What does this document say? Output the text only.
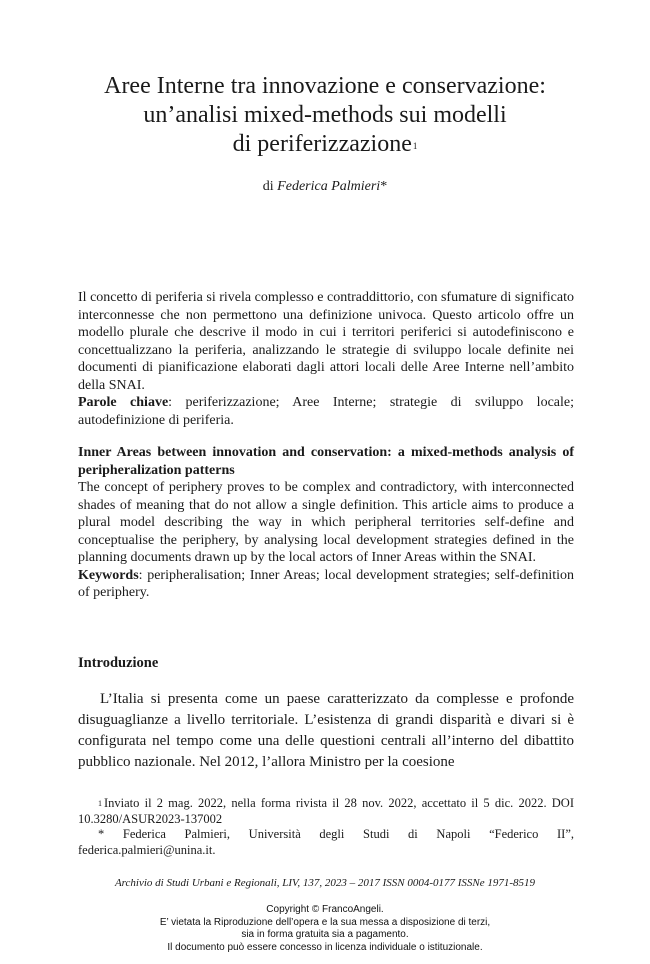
Aree Interne tra innovazione e conservazione:
un’analisi mixed-methods sui modelli
di periferizzazione$^1$
di Federica Palmieri*

Il concetto di periferia si rivela complesso e contraddittorio, con sfumature di significato interconnesse che non permettono una definizione univoca. Questo articolo offre un modello plurale che descrive il modo in cui i territori periferici si autodefiniscono e concettualizzano la periferia, analizzando le strategie di sviluppo locale definite nei documenti di pianificazione elaborati dagli attori locali delle Aree Interne nell’ambito della SNAI.

Parole chiave: periferizzazione; Aree Interne; strategie di sviluppo locale; autodefinizione di periferia.

Inner Areas between innovation and conservation: a mixed-methods analysis of peripheralization patterns

The concept of periphery proves to be complex and contradictory, with interconnected shades of meaning that do not allow a single definition. This article aims to produce a plural model describing the way in which peripheral territories self-define and conceptualise the periphery, by analysing local development strategies defined in the planning documents drawn up by the local actors of Inner Areas within the SNAI.

Keywords: peripheralisation; Inner Areas; local development strategies; self-definition of periphery.

Introduzione
L’Italia si presenta come un paese caratterizzato da complesse e profonde disuguaglianze a livello territoriale. L’esistenza di grandi disparità e divari si è configurata nel tempo come una delle questioni centrali all’interno del dibattito pubblico nazionale. Nel 2012, l’allora Ministro per la coesione

$^1$ Inviato il 2 mag. 2022, nella forma rivista il 28 nov. 2022, accettato il 5 dic. 2022. DOI 10.3280/ASUR2023-137002

* Federica Palmieri, Università degli Studi di Napoli “Federico II”, federica.palmieri@unina.it.

Archivio di Studi Urbani e Regionali, LIV, 137, 2023 – 2017 ISSN 0004-0177 ISSNe 1971-8519
Copyright © FrancoAngeli.
E’ vietata la Riproduzione dell’opera e la sua messa a disposizione di terzi,
sia in forma gratuita sia a pagamento.
Il documento può essere concesso in licenza individuale o istituzionale.
